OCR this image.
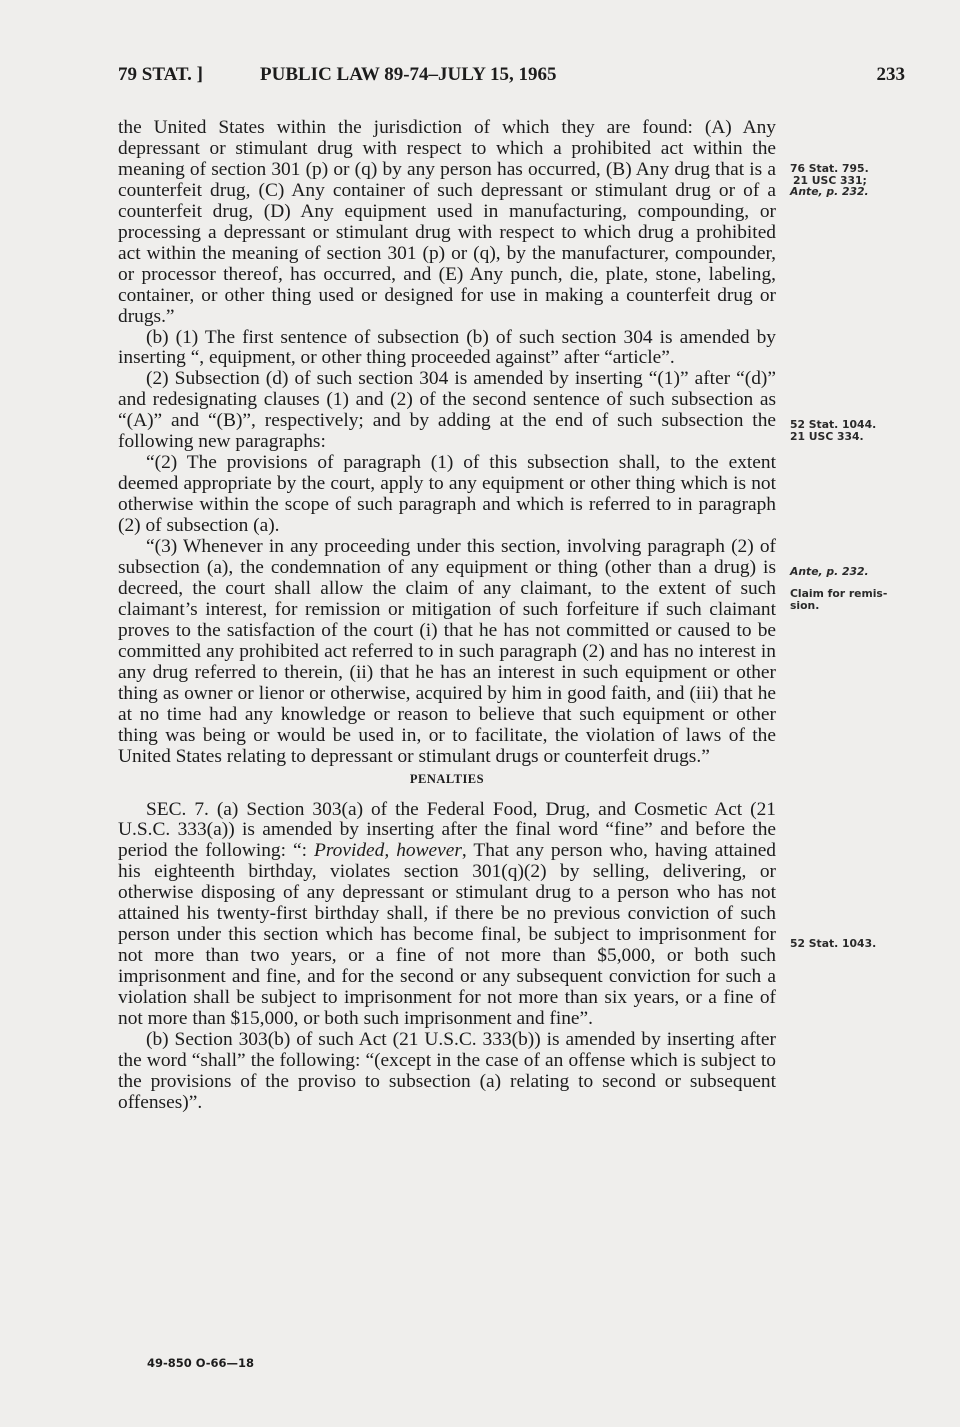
79 STAT. ]	PUBLIC LAW 89-74–JULY 15, 1965	233

the United States within the jurisdiction of which they are found: (A) Any depressant or stimulant drug with respect to which a prohibited act within the meaning of section 301 (p) or (q) by any person has occurred, (B) Any drug that is a counterfeit drug, (C) Any container of such depressant or stimulant drug or of a counterfeit drug, (D) Any equipment used in manufacturing, compounding, or processing a depressant or stimulant drug with respect to which drug a prohibited act within the meaning of section 301 (p) or (q), by the manufacturer, compounder, or processor thereof, has occurred, and (E) Any punch, die, plate, stone, labeling, container, or other thing used or designed for use in making a counterfeit drug or drugs.”

(b) (1) The first sentence of subsection (b) of such section 304 is amended by inserting “, equipment, or other thing proceeded against” after “article”.

(2) Subsection (d) of such section 304 is amended by inserting “(1)” after “(d)” and redesignating clauses (1) and (2) of the second sentence of such subsection as “(A)” and “(B)”, respectively; and by adding at the end of such subsection the following new paragraphs:

“(2) The provisions of paragraph (1) of this subsection shall, to the extent deemed appropriate by the court, apply to any equipment or other thing which is not otherwise within the scope of such paragraph and which is referred to in paragraph (2) of subsection (a).

“(3) Whenever in any proceeding under this section, involving paragraph (2) of subsection (a), the condemnation of any equipment or thing (other than a drug) is decreed, the court shall allow the claim of any claimant, to the extent of such claimant’s interest, for remission or mitigation of such forfeiture if such claimant proves to the satisfaction of the court (i) that he has not committed or caused to be committed any prohibited act referred to in such paragraph (2) and has no interest in any drug referred to therein, (ii) that he has an interest in such equipment or other thing as owner or lienor or otherwise, acquired by him in good faith, and (iii) that he at no time had any knowledge or reason to believe that such equipment or other thing was being or would be used in, or to facilitate, the violation of laws of the United States relating to depressant or stimulant drugs or counterfeit drugs.”

PENALTIES

SEC. 7. (a) Section 303(a) of the Federal Food, Drug, and Cosmetic Act (21 U.S.C. 333(a)) is amended by inserting after the final word “fine” and before the period the following: “: Provided, however, That any person who, having attained his eighteenth birthday, violates section 301(q)(2) by selling, delivering, or otherwise disposing of any depressant or stimulant drug to a person who has not attained his twenty-first birthday shall, if there be no previous conviction of such person under this section which has become final, be subject to imprisonment for not more than two years, or a fine of not more than $5,000, or both such imprisonment and fine, and for the second or any subsequent conviction for such a violation shall be subject to imprisonment for not more than six years, or a fine of not more than $15,000, or both such imprisonment and fine”.

(b) Section 303(b) of such Act (21 U.S.C. 333(b)) is amended by inserting after the word “shall” the following: “(except in the case of an offense which is subject to the provisions of the proviso to subsection (a) relating to second or subsequent offenses)”.

76 Stat. 795.
21 USC 331;
Ante, p. 232.
52 Stat. 1044.
21 USC 334.
Ante, p. 232.
Claim for remis-
sion.
52 Stat. 1043.
49-850 O-66—18
